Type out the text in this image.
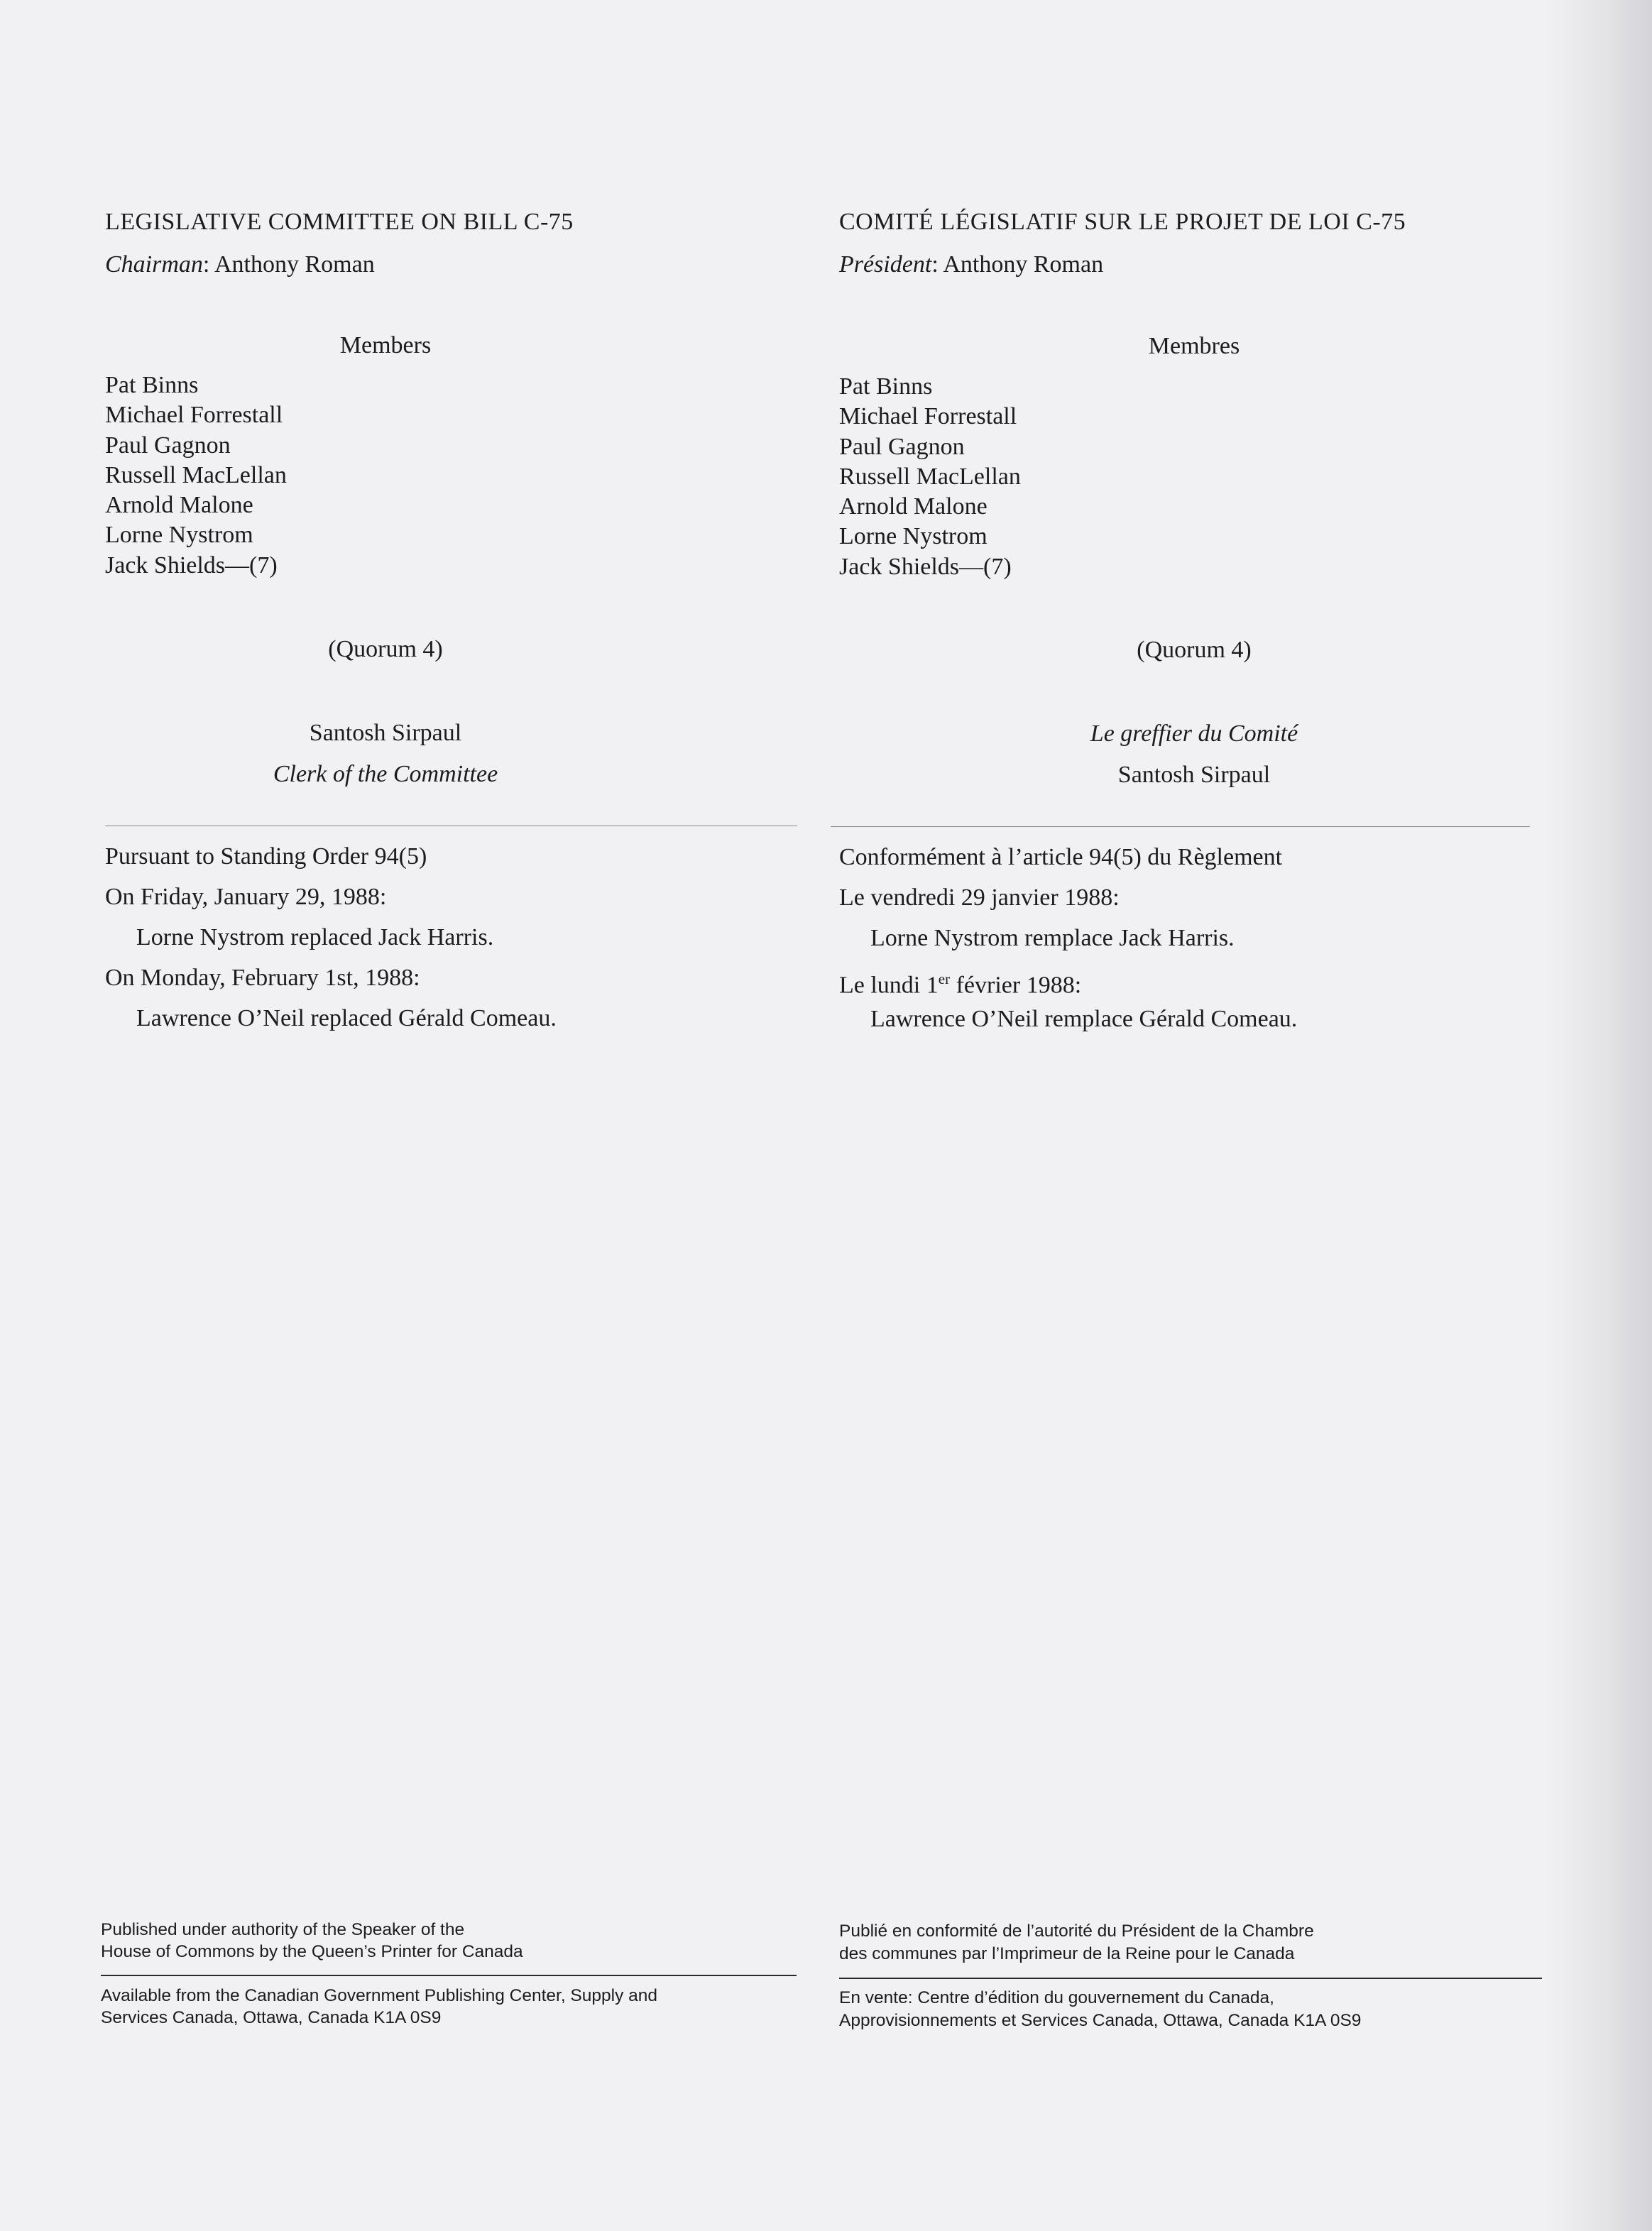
LEGISLATIVE COMMITTEE ON BILL C-75
Chairman: Anthony Roman
Members
Pat Binns
Michael Forrestall
Paul Gagnon
Russell MacLellan
Arnold Malone
Lorne Nystrom
Jack Shields—(7)
(Quorum 4)
Santosh Sirpaul
Clerk of the Committee
Pursuant to Standing Order 94(5)
On Friday, January 29, 1988:
Lorne Nystrom replaced Jack Harris.
On Monday, February 1st, 1988:
Lawrence O’Neil replaced Gérald Comeau.
Published under authority of the Speaker of the
House of Commons by the Queen’s Printer for Canada
Available from the Canadian Government Publishing Center, Supply and
Services Canada, Ottawa, Canada K1A 0S9
COMITÉ LÉGISLATIF SUR LE PROJET DE LOI C-75
Président: Anthony Roman
Membres
Pat Binns
Michael Forrestall
Paul Gagnon
Russell MacLellan
Arnold Malone
Lorne Nystrom
Jack Shields—(7)
(Quorum 4)
Le greffier du Comité
Santosh Sirpaul
Conformément à l’article 94(5) du Règlement
Le vendredi 29 janvier 1988:
Lorne Nystrom remplace Jack Harris.
Le lundi 1er février 1988:
Lawrence O’Neil remplace Gérald Comeau.
Publié en conformité de l’autorité du Président de la Chambre
des communes par l’Imprimeur de la Reine pour le Canada
En vente: Centre d’édition du gouvernement du Canada,
Approvisionnements et Services Canada, Ottawa, Canada K1A 0S9
